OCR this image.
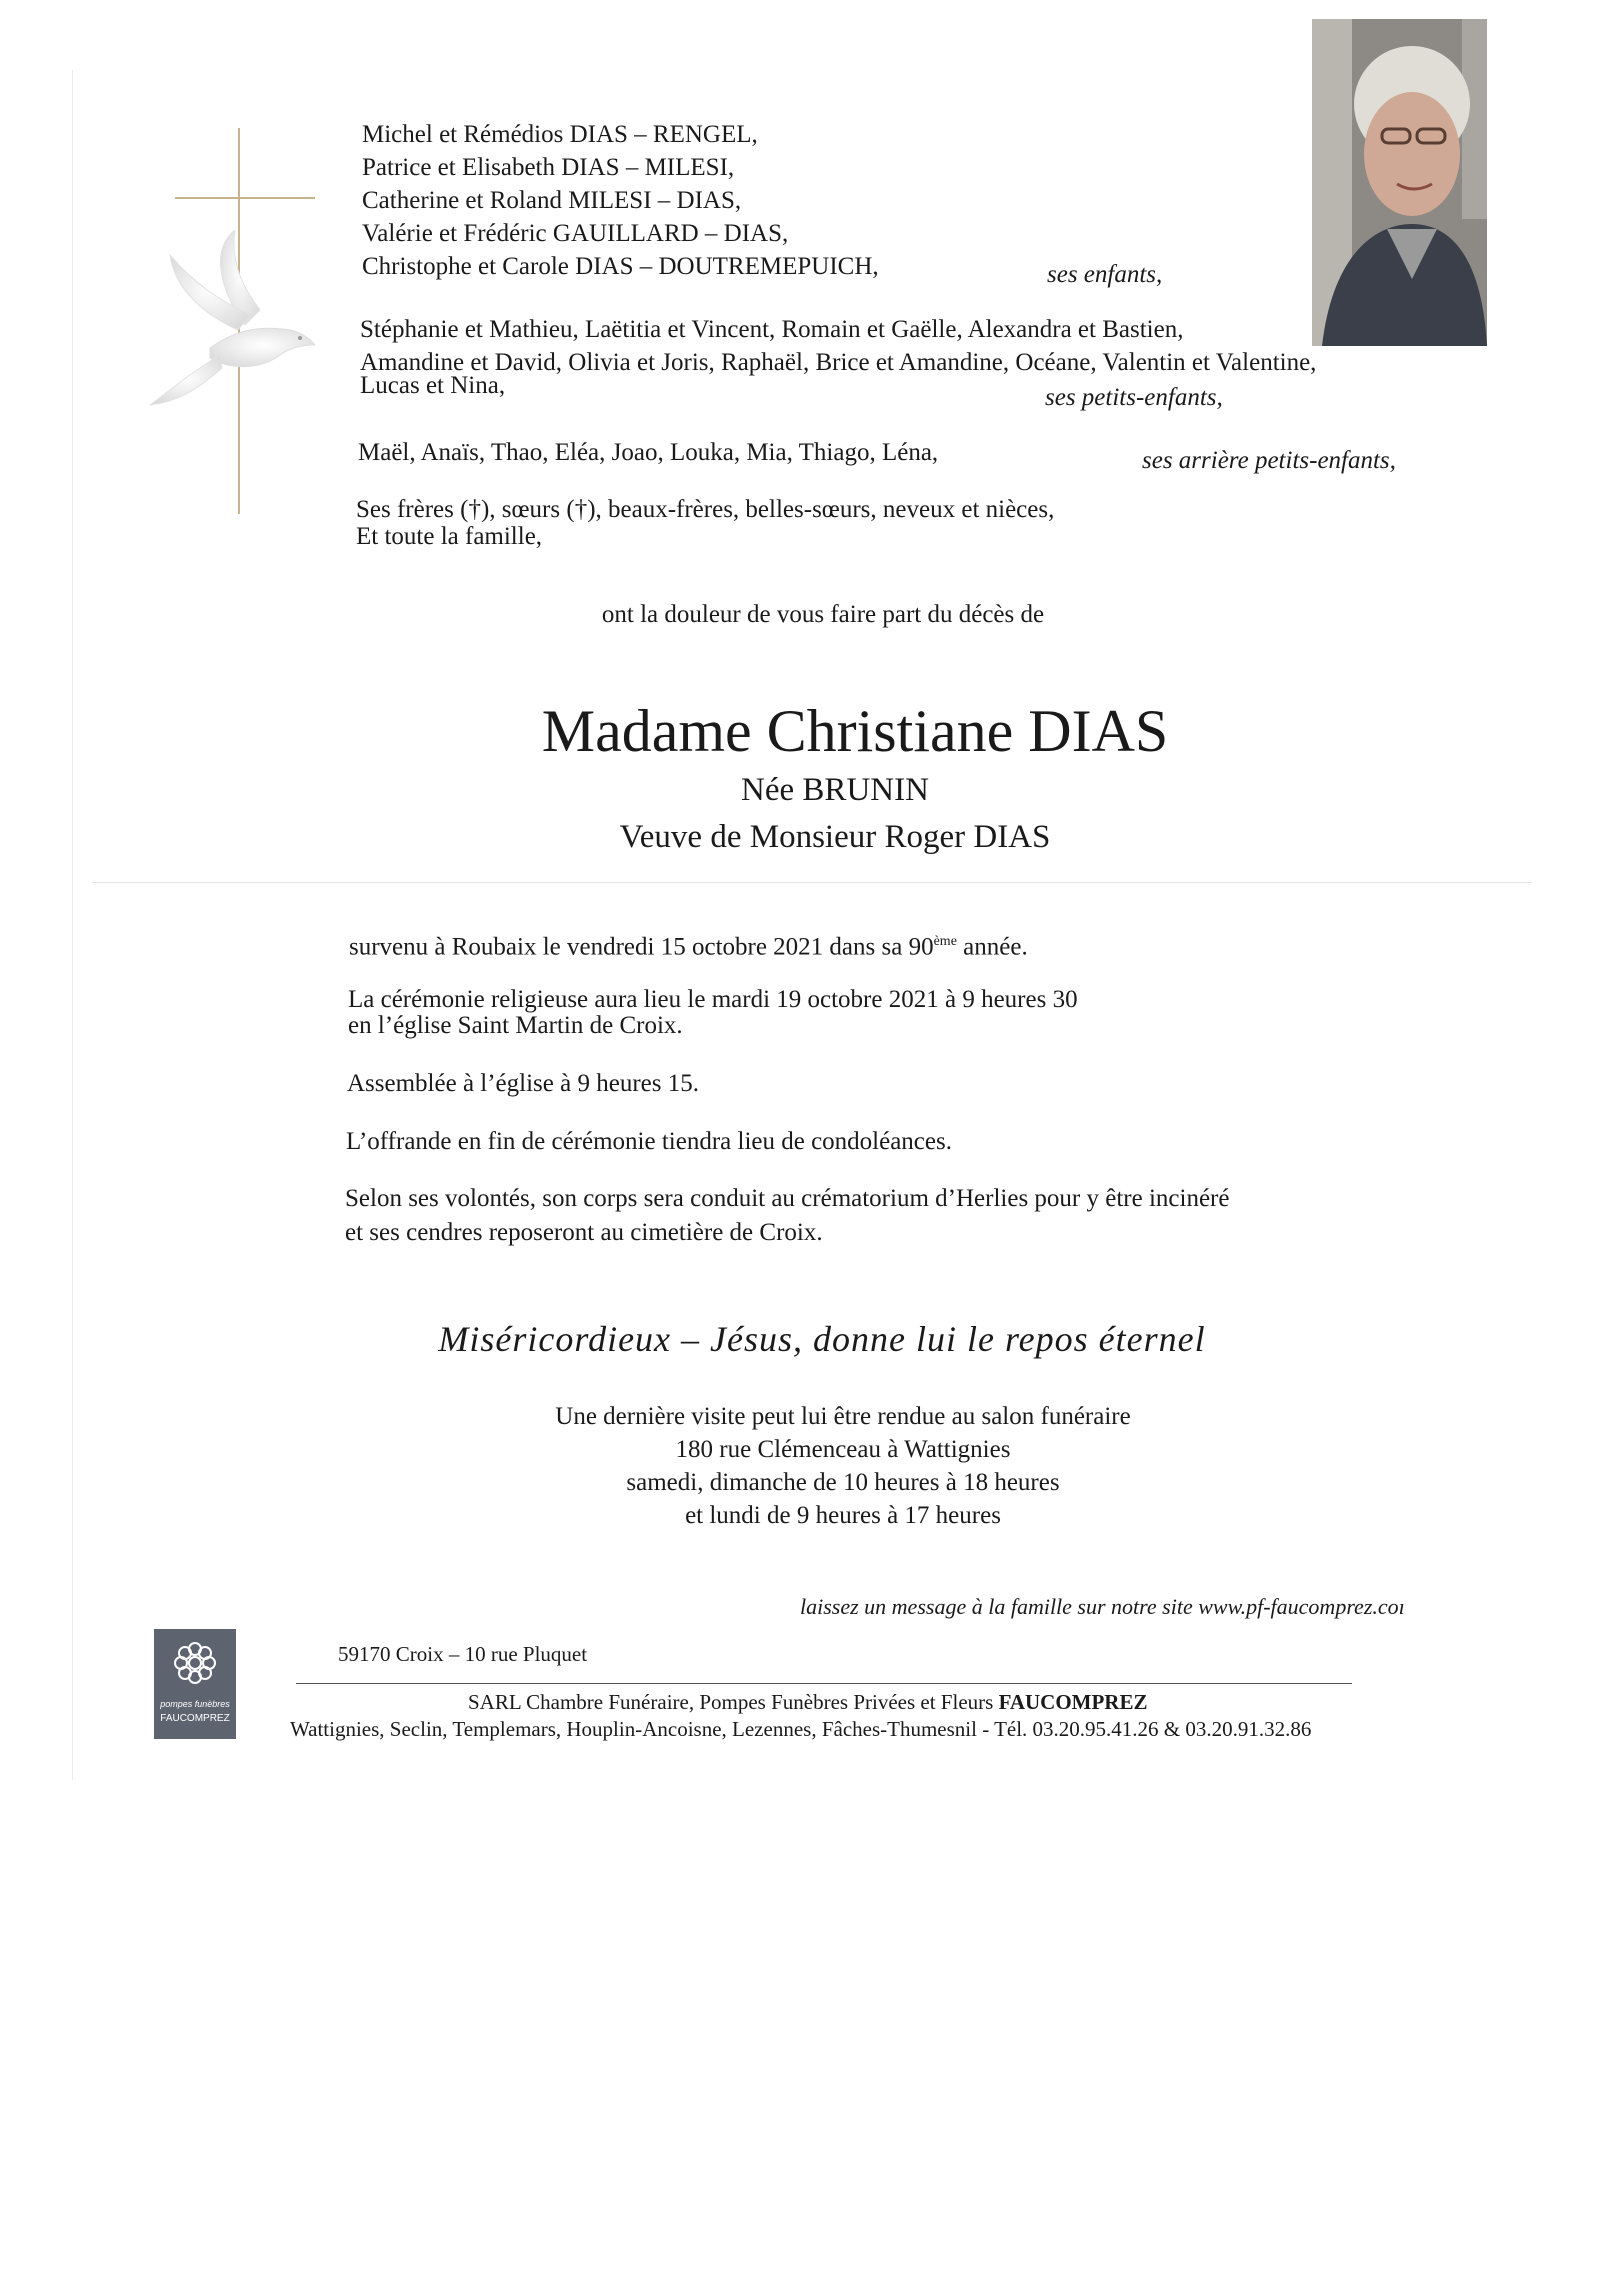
Michel et Rémédios DIAS – RENGEL,
Patrice et Elisabeth DIAS – MILESI,
Catherine et Roland MILESI – DIAS,
Valérie et Frédéric GAUILLARD – DIAS,
Christophe et Carole DIAS – DOUTREMEPUICH,	ses enfants,
Stéphanie et Mathieu, Laëtitia et Vincent, Romain et Gaëlle, Alexandra et Bastien,
Amandine et David, Olivia et Joris, Raphaël, Brice et Amandine, Océane, Valentin et Valentine,
Lucas et Nina,	ses petits-enfants,
Maël, Anaïs, Thao, Eléa, Joao, Louka, Mia, Thiago, Léna,	ses arrière petits-enfants,
Ses frères (†), sœurs (†), beaux-frères, belles-sœurs, neveux et nièces,
Et toute la famille,
ont la douleur de vous faire part du décès de
Madame Christiane DIAS
Née BRUNIN
Veuve de Monsieur Roger DIAS
survenu à Roubaix le vendredi 15 octobre 2021 dans sa 90ème année.
La cérémonie religieuse aura lieu le mardi 19 octobre 2021 à 9 heures 30
en l’église Saint Martin de Croix.
Assemblée à l’église à 9 heures 15.
L’offrande en fin de cérémonie tiendra lieu de condoléances.
Selon ses volontés, son corps sera conduit au crématorium d’Herlies pour y être incinéré
et ses cendres reposeront au cimetière de Croix.
Miséricordieux – Jésus, donne lui le repos éternel
Une dernière visite peut lui être rendue au salon funéraire
180 rue Clémenceau à Wattignies
samedi, dimanche de 10 heures à 18 heures
et lundi de 9 heures à 17 heures
laissez un message à la famille sur notre site www.pf-faucomprez.coı
pompes funèbres
FAUCOMPREZ
59170 Croix – 10 rue Pluquet
SARL Chambre Funéraire, Pompes Funèbres Privées et Fleurs FAUCOMPREZ
Wattignies, Seclin, Templemars, Houplin-Ancoisne, Lezennes, Fâches-Thumesnil - Tél. 03.20.95.41.26 & 03.20.91.32.86
